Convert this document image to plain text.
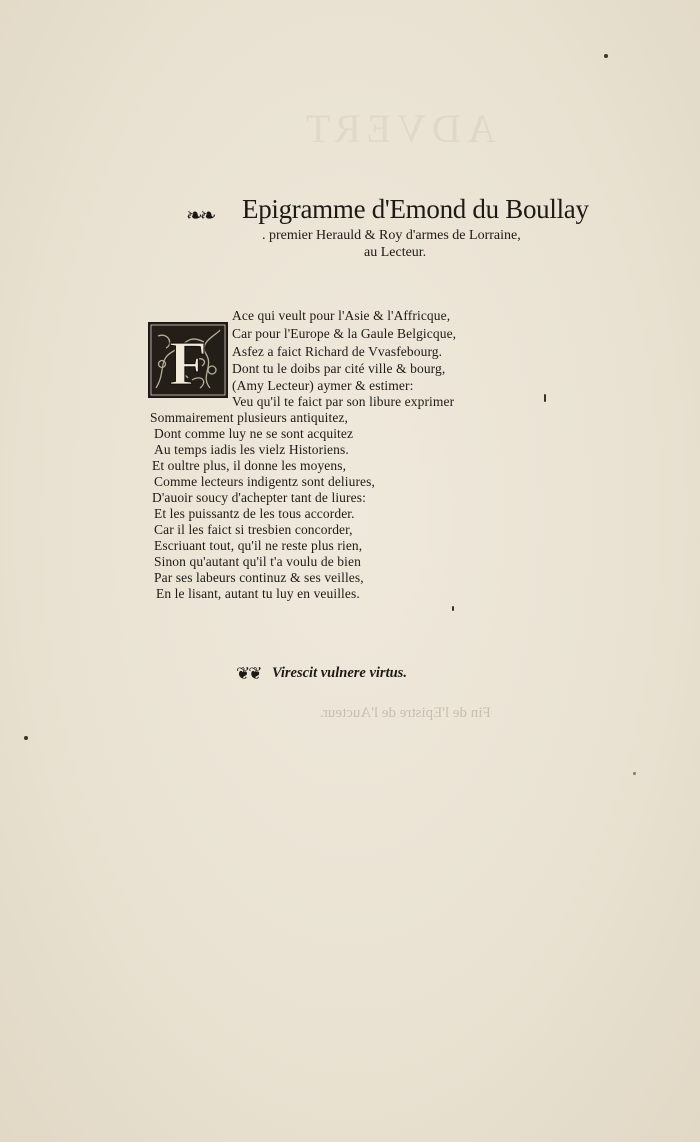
ADVERT
Fin de l'Epistre de l'Aucteur.
❧❧ Epigramme d'Emond du Boullay
. premier Herauld & Roy d'armes de Lorraine,
au Lecteur.
F
Ace qui veult pour l'Asie & l'Affricque,
Car pour l'Europe & la Gaule Belgicque,
Asfez a faict Richard de Vvasfebourg.
Dont tu le doibs par cité ville & bourg,
(Amy Lecteur) aymer & estimer:
Veu qu'il te faict par son libure exprimer
Sommairement plusieurs antiquitez,
Dont comme luy ne se sont acquitez
Au temps iadis les vielz Historiens.
Et oultre plus, il donne les moyens,
Comme lecteurs indigentz sont deliures,
D'auoir soucy d'achepter tant de liures:
Et les puissantz de les tous accorder.
Car il les faict si tresbien concorder,
Escriuant tout, qu'il ne reste plus rien,
Sinon qu'autant qu'il t'a voulu de bien
Par ses labeurs continuz & ses veilles,
En le lisant, autant tu luy en veuilles.
❦❦ Virescit vulnere virtus.
